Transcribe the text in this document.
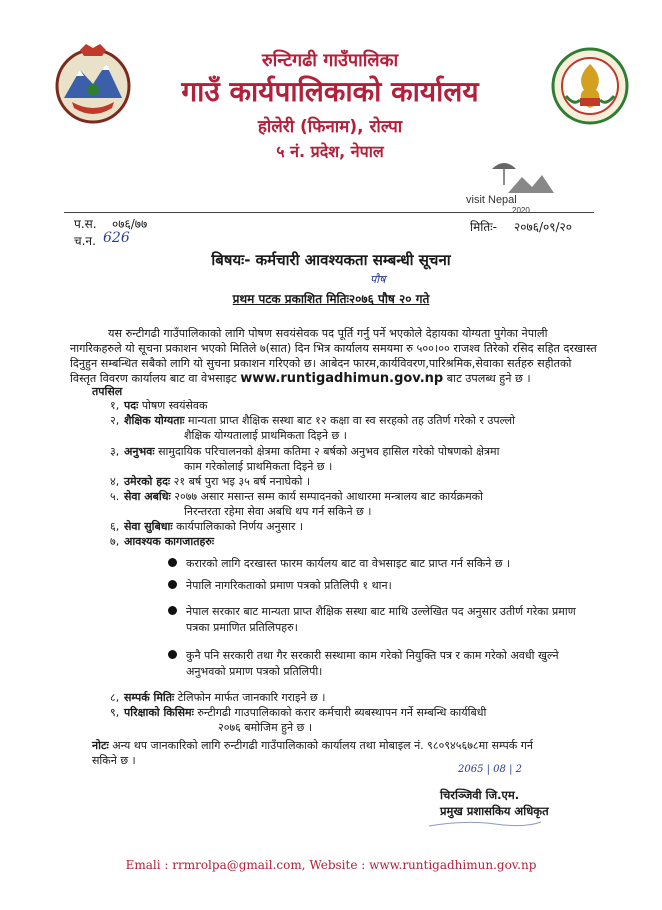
रुन्टिगढी गाउँपालिका
गाउँ कार्यपालिकाको कार्यालय
होलेरी (फिनाम), रोल्पा
५ नं. प्रदेश, नेपाल
visit Nepal
2020
प.स. ०७६/७७
च.न. 626
मितिः- २०७६/०९/२०
बिषयः- कर्मचारी आवश्यकता सम्बन्धी सूचना
पौष
प्रथम पटक प्रकाशित मितिः२०७६ पौष २० गते

यस रुन्टीगढी गाउँपालिकाको लागि पोषण सवयंसेवक पद पूर्ति गर्नु पर्ने भएकोले देहायका योग्यता पुगेका नेपाली

नागरिकहरुले यो सूचना प्रकाशन भएको मितिले ७(सात) दिन भित्र कार्यालय समयमा रु ५००।०० राजश्व तिरेको रसिद सहित दरखास्त

दिनुहुन सम्बन्धित सबैको लागि यो सुचना प्रकाशन गरिएको छ। आबेदन फारम,कार्यविवरण,पारिश्रमिक,सेवाका सर्तहरु सहीतको

विस्तृत विवरण कार्यालय बाट वा वेभसाइट www.runtigadhimun.gov.np बाट उपलब्ध हुने छ ।

तपसिल
१, पदः पोषण स्वयंसेवक
२, शैक्षिक योग्यताः मान्यता प्राप्त शैक्षिक सस्था बाट १२ कक्षा वा स्व सरहको तह उतिर्ण गरेको र उपल्लो
शैक्षिक योग्यतालाई प्राथमिकता दिइने छ ।
३, अनुभवः सामुदायिक परिचालनको क्षेत्रमा कतिमा २ बर्षको अनुभव हासिल गरेको पोषणको क्षेत्रमा
काम गरेकोलाई प्राथमिकता दिइने छ ।
४, उमेरको हदः २१ बर्ष पुरा भइ ३५ बर्ष ननाघेको ।
५. सेवा अबधिः २०७७ असार मसान्त सम्म कार्य सम्पादनको आधारमा मन्त्रालय बाट कार्यक्रमको
निरन्तरता रहेमा सेवा अबधि थप गर्न सकिने छ ।
६, सेवा सुबिधाः कार्यपालिकाको निर्णय अनुसार ।
७, आवश्यक कागजातहरुः
करारको लागि दरखास्त फारम कार्यलय बाट वा वेभसाइट बाट प्राप्त गर्न सकिने छ ।
नेपालि नागरिकताको प्रमाण पत्रको प्रतिलिपी १ थान।
नेपाल सरकार बाट मान्यता प्राप्त शैक्षिक सस्था बाट माथि उल्लेखित पद अनुसार उतीर्ण गरेका प्रमाण
पत्रका प्रमाणित प्रतिलिपहरु।
कुनै पनि सरकारी तथा गैर सरकारी सस्थामा काम गरेको नियुक्ति पत्र र काम गरेको अवधी खुल्ने
अनुभवको प्रमाण पत्रको प्रतिलिपी।
८, सम्पर्क मितिः टेलिफोन मार्फत जानकारि गराइने छ ।
९, परिक्षाको किसिमः रुन्टीगढी गाउपालिकाको करार कर्मचारी ब्यबस्थापन गर्ने सम्बन्धि कार्यबिधी
२०७६ बमोजिम हुने छ ।
नोटः अन्य थप जानकारिको लागि रुन्टीगढी गाउँपालिकाको कार्यालय तथा मोबाइल नं. ९८०९४५६७८मा सम्पर्क गर्न
सकिने छ ।
2065 | 08 | 2
चिरञ्जिवी जि.एम.
प्रमुख प्रशासकिय अधिकृत
Emali : rrmrolpa@gmail.com, Website : www.runtigadhimun.gov.np
